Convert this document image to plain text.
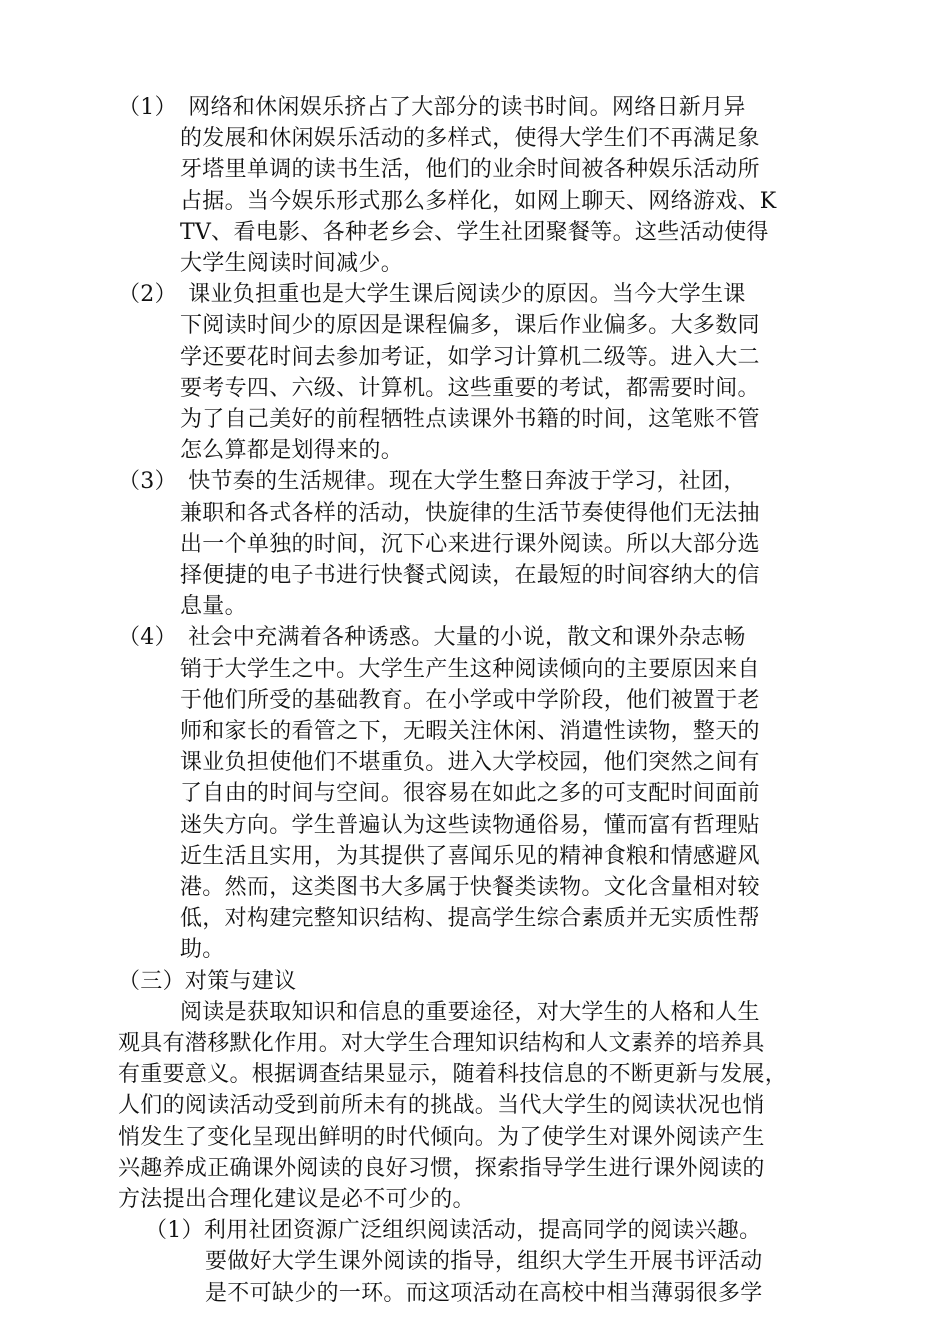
（1）　网络和休闲娱乐挤占了大部分的读书时间。网络日新月异
的发展和休闲娱乐活动的多样式，使得大学生们不再满足象
牙塔里单调的读书生活，他们的业余时间被各种娱乐活动所
占据。当今娱乐形式那么多样化，如网上聊天、网络游戏、K
TV、看电影、各种老乡会、学生社团聚餐等。这些活动使得
大学生阅读时间减少。
（2）　课业负担重也是大学生课后阅读少的原因。当今大学生课
下阅读时间少的原因是课程偏多，课后作业偏多。大多数同
学还要花时间去参加考证，如学习计算机二级等。进入大二
要考专四、六级、计算机。这些重要的考试，都需要时间。
为了自己美好的前程牺牲点读课外书籍的时间，这笔账不管
怎么算都是划得来的。
（3）　快节奏的生活规律。现在大学生整日奔波于学习，社团，
兼职和各式各样的活动，快旋律的生活节奏使得他们无法抽
出一个单独的时间，沉下心来进行课外阅读。所以大部分选
择便捷的电子书进行快餐式阅读，在最短的时间容纳大的信
息量。
（4）　社会中充满着各种诱惑。大量的小说，散文和课外杂志畅
销于大学生之中。大学生产生这种阅读倾向的主要原因来自
于他们所受的基础教育。在小学或中学阶段，他们被置于老
师和家长的看管之下，无暇关注休闲、消遣性读物，整天的
课业负担使他们不堪重负。进入大学校园，他们突然之间有
了自由的时间与空间。很容易在如此之多的可支配时间面前
迷失方向。学生普遍认为这些读物通俗易，懂而富有哲理贴
近生活且实用，为其提供了喜闻乐见的精神食粮和情感避风
港。然而，这类图书大多属于快餐类读物。文化含量相对较
低，对构建完整知识结构、提高学生综合素质并无实质性帮
助。
（三）对策与建议
阅读是获取知识和信息的重要途径，对大学生的人格和人生
观具有潜移默化作用。对大学生合理知识结构和人文素养的培养具
有重要意义。根据调查结果显示，随着科技信息的不断更新与发展，
人们的阅读活动受到前所未有的挑战。当代大学生的阅读状况也悄
悄发生了变化呈现出鲜明的时代倾向。为了使学生对课外阅读产生
兴趣养成正确课外阅读的良好习惯，探索指导学生进行课外阅读的
方法提出合理化建议是必不可少的。
（1）利用社团资源广泛组织阅读活动，提高同学的阅读兴趣。
要做好大学生课外阅读的指导，组织大学生开展书评活动
是不可缺少的一环。而这项活动在高校中相当薄弱很多学
